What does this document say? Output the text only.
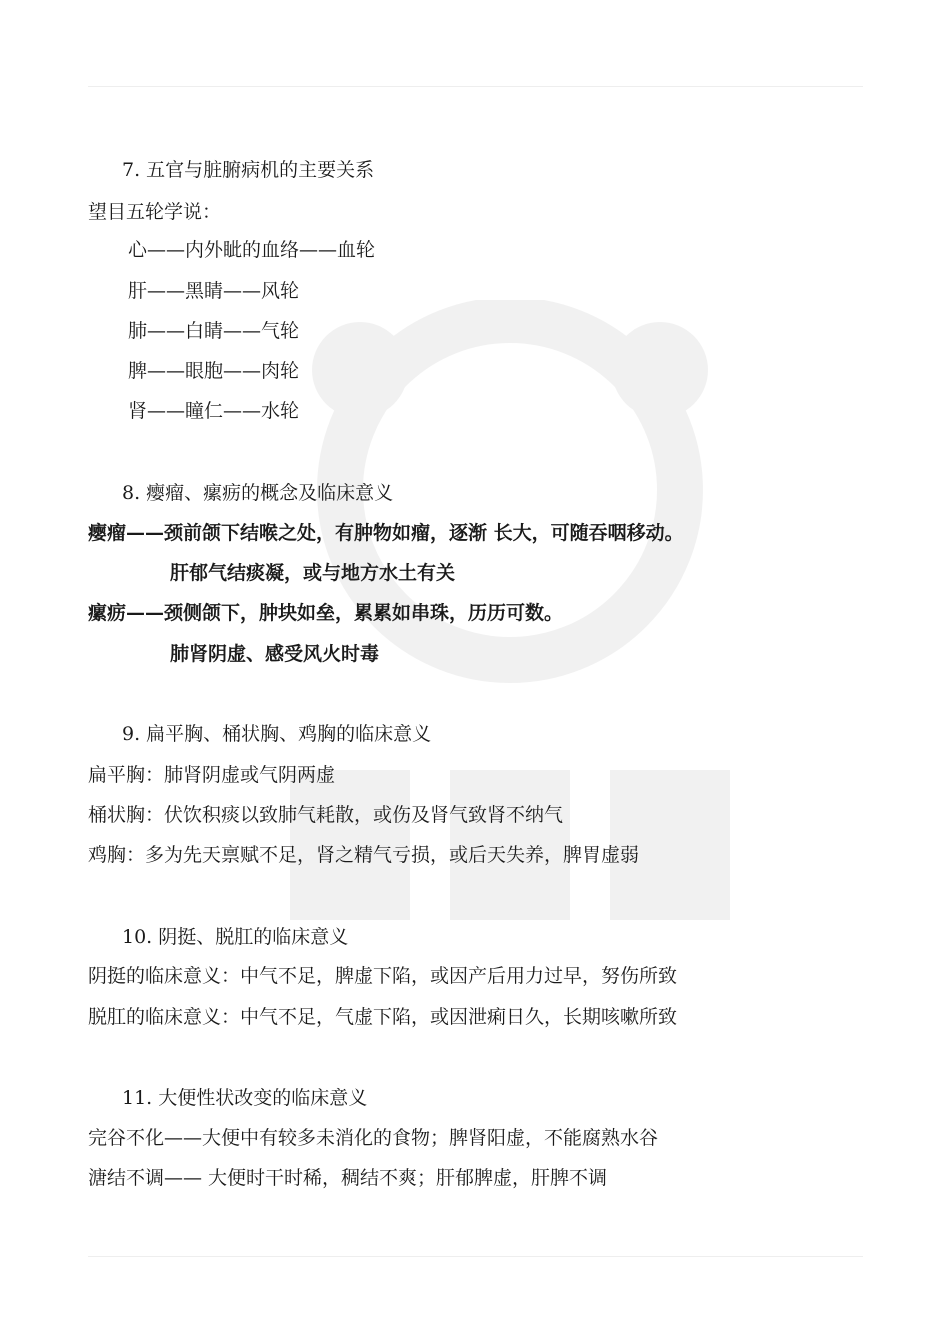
7. 五官与脏腑病机的主要关系
望目五轮学说：
心——内外眦的血络——血轮
肝——黑睛——风轮
肺——白睛——气轮
脾——眼胞——肉轮
肾——瞳仁——水轮
8. 瘿瘤、瘰疬的概念及临床意义
瘿瘤——颈前颌下结喉之处，有肿物如瘤，逐渐 长大，可随吞咽移动。
肝郁气结痰凝，或与地方水土有关
瘰疬——颈侧颌下，肿块如垒，累累如串珠，历历可数。
肺肾阴虚、感受风火时毒
9. 扁平胸、桶状胸、鸡胸的临床意义
扁平胸：肺肾阴虚或气阴两虚
桶状胸：伏饮积痰以致肺气耗散，或伤及肾气致肾不纳气
鸡胸：多为先天禀赋不足，肾之精气亏损，或后天失养，脾胃虚弱
10. 阴挺、脱肛的临床意义
阴挺的临床意义：中气不足，脾虚下陷，或因产后用力过早，努伤所致
脱肛的临床意义：中气不足，气虚下陷，或因泄痢日久，长期咳嗽所致
11. 大便性状改变的临床意义
完谷不化——大便中有较多未消化的食物；脾肾阳虚，不能腐熟水谷
溏结不调—— 大便时干时稀，稠结不爽；肝郁脾虚，肝脾不调
